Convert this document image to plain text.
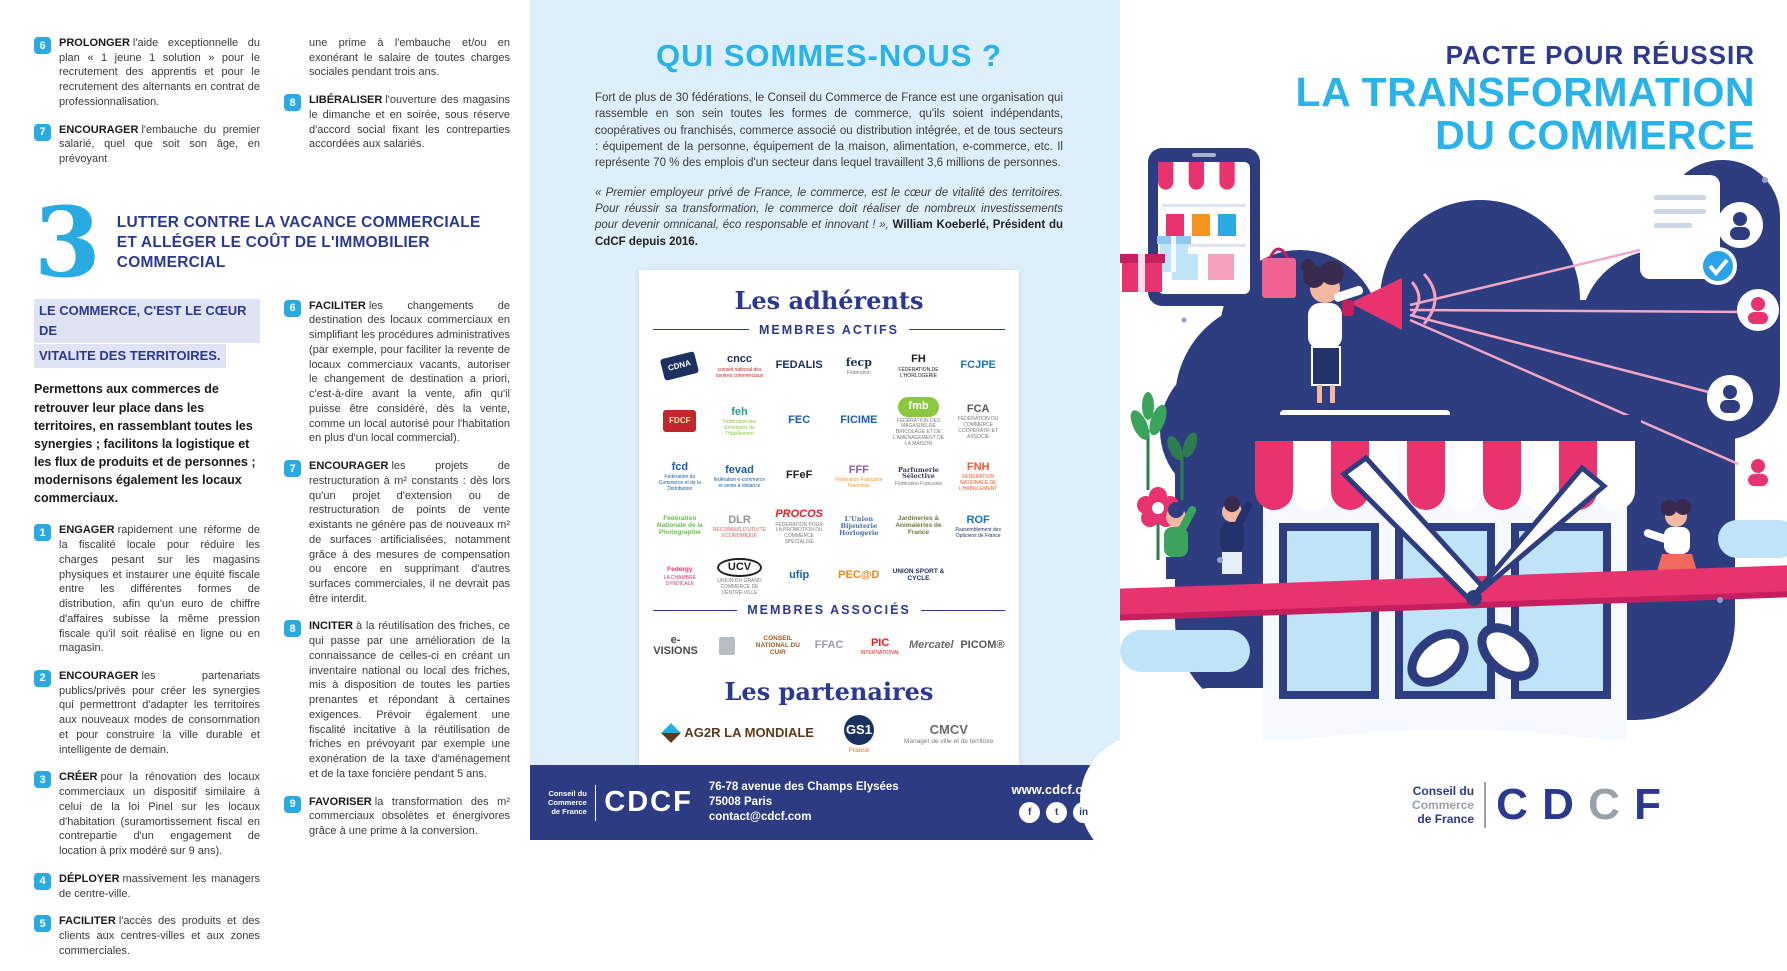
6	PROLONGER l'aide exceptionnelle du plan « 1 jeune 1 solution » pour le recrutement des apprentis et pour le recrutement des alternants en contrat de professionnalisation.

7	ENCOURAGER l'embauche du premier salarié, quel que soit son âge, en prévoyant

une prime à l'embauche et/ou en exonérant le salaire de toutes charges sociales pendant trois ans.

8	LIBÉRALISER l'ouverture des magasins le dimanche et en soirée, sous réserve d'accord social fixant les contreparties accordées aux salariés.

3 LUTTER CONTRE LA VACANCE COMMERCIALE
ET ALLÉGER LE COÛT DE L'IMMOBILIER COMMERCIAL
LE COMMERCE, C'EST LE CŒUR DE VITALITE DES TERRITOIRES.

Permettons aux commerces de retrouver leur place dans les territoires, en rassemblant toutes les synergies ; facilitons la logistique et les flux de produits et de personnes ; modernisons également les locaux commerciaux.

1	ENGAGER rapidement une réforme de la fiscalité locale pour réduire les charges pesant sur les magasins physiques et instaurer une équité fiscale entre les différentes formes de distribution, afin qu'un euro de chiffre d'affaires subisse la même pression fiscale qu'il soit réalisé en ligne ou en magasin.

2	ENCOURAGER les partenariats publics/privés pour créer les synergies qui permettront d'adapter les territoires aux nouveaux modes de consommation et pour construire la ville durable et intelligente de demain.

3	CRÉER pour la rénovation des locaux commerciaux un dispositif similaire à celui de la loi Pinel sur les locaux d'habitation (suramortissement fiscal en contrepartie d'un engagement de location à prix modéré sur 9 ans).

4	DÉPLOYER massivement les managers de centre-ville.

5	FACILITER l'accès des produits et des clients aux centres-villes et aux zones commerciales.

6	FACILITER les changements de destination des locaux commerciaux en simplifiant les procédures administratives (par exemple, pour faciliter la revente de locaux commerciaux vacants, autoriser le changement de destination a priori, c'est-à-dire avant la vente, afin qu'il puisse être considéré, dès la vente, comme un local autorisé pour l'habitation en plus d'un local commercial).

7	ENCOURAGER les projets de restructuration à m² constants : dès lors qu'un projet d'extension ou de restructuration de points de vente existants ne génère pas de nouveaux m² de surfaces artificialisées, notamment grâce à des mesures de compensation ou encore en supprimant d'autres surfaces commerciales, il ne devrait pas être interdit.

8	INCITER à la réutilisation des friches, ce qui passe par une amélioration de la connaissance de celles-ci en créant un inventaire national ou local des friches, mis à disposition de toutes les parties prenantes et répondant à certaines exigences. Prévoir également une fiscalité incitative à la réutilisation de friches en prévoyant par exemple une exonération de la taxe d'aménagement et de la taxe foncière pendant 5 ans.

9	FAVORISER la transformation des m² commerciaux obsolètes et énergivores grâce à une prime à la conversion.

QUI SOMMES-NOUS ?

Fort de plus de 30 fédérations, le Conseil du Commerce de France est une organisation qui rassemble en son sein toutes les formes de commerce, qu'ils soient indépendants, coopératives ou franchisés, commerce associé ou distribution intégrée, et de tous secteurs : équipement de la personne, équipement de la maison, alimentation, e-commerce, etc. Il représente 70 % des emplois d'un secteur dans lequel travaillent 3,6 millions de personnes.

« Premier employeur privé de France, le commerce, est le cœur de vitalité des territoires. Pour réussir sa transformation, le commerce doit réaliser de nombreux investissements pour devenir omnicanal, éco responsable et innovant ! », William Koeberlé, Président du CdCF depuis 2016.

Les adhérents
MEMBRES ACTIFS
CDNA	cncc
conseil national des centres commerciaux
FEDALIS fecp
Fédération
FH
FÉDÉRATION DE L'HORLOGERIE
FCJPE
FDCF
feh
Fédération des Enseignes de l'Habillement
FEC	FICIME
fmb
FÉDÉRATION DES MAGASINS DE BRICOLAGE ET DE L'AMÉNAGEMENT DE LA MAISON
FCA
FÉDÉRATION DU COMMERCE COOPÉRATIF ET ASSOCIÉ
fcd
Fédération du Commerce et de la Distribution
fevad
fédération e-commerce et vente à distance
FFeF	FFF
Fédération Française Franchise
Parfumerie Sélective
Fédération Française
FNH
FÉDÉRATION NATIONALE DE L'HABILLEMENT
Fédération Nationale de la Photographie
DLR
RECONNUS D'UTILITÉ ÉCONOMIQUE
PROCOS
FÉDÉRATION POUR LA PROMOTION DU COMMERCE SPÉCIALISÉ
L'Union Bijouterie Horlogerie
Jardineries & Animaleries de France
ROF
Rassemblement des Opticiens de France
Federgy
LA CHAMBRE SYNDICALE
UCV
UNION DU GRAND COMMERCE DE CENTRE-VILLE
ufip	PEC@D UNION SPORT & CYCLE
MEMBRES ASSOCIÉS
e-VISIONS
CONSEIL NATIONAL DU CUIR
FFAC	PIC
INTERNATIONAL
Mercatel PICOM®
Les partenaires
AG2R LA MONDIALE GS1
France
CMCV
Manager de ville et de territoire
Conseil du
Commerce
de France CDCF 76-78 avenue des Champs Elysées
75008 Paris
contact@cdcf.com
www.cdcf.com
f t in
PACTE POUR RÉUSSIR
LA TRANSFORMATION
DU COMMERCE
Conseil du
Commerce
de France C D C F
